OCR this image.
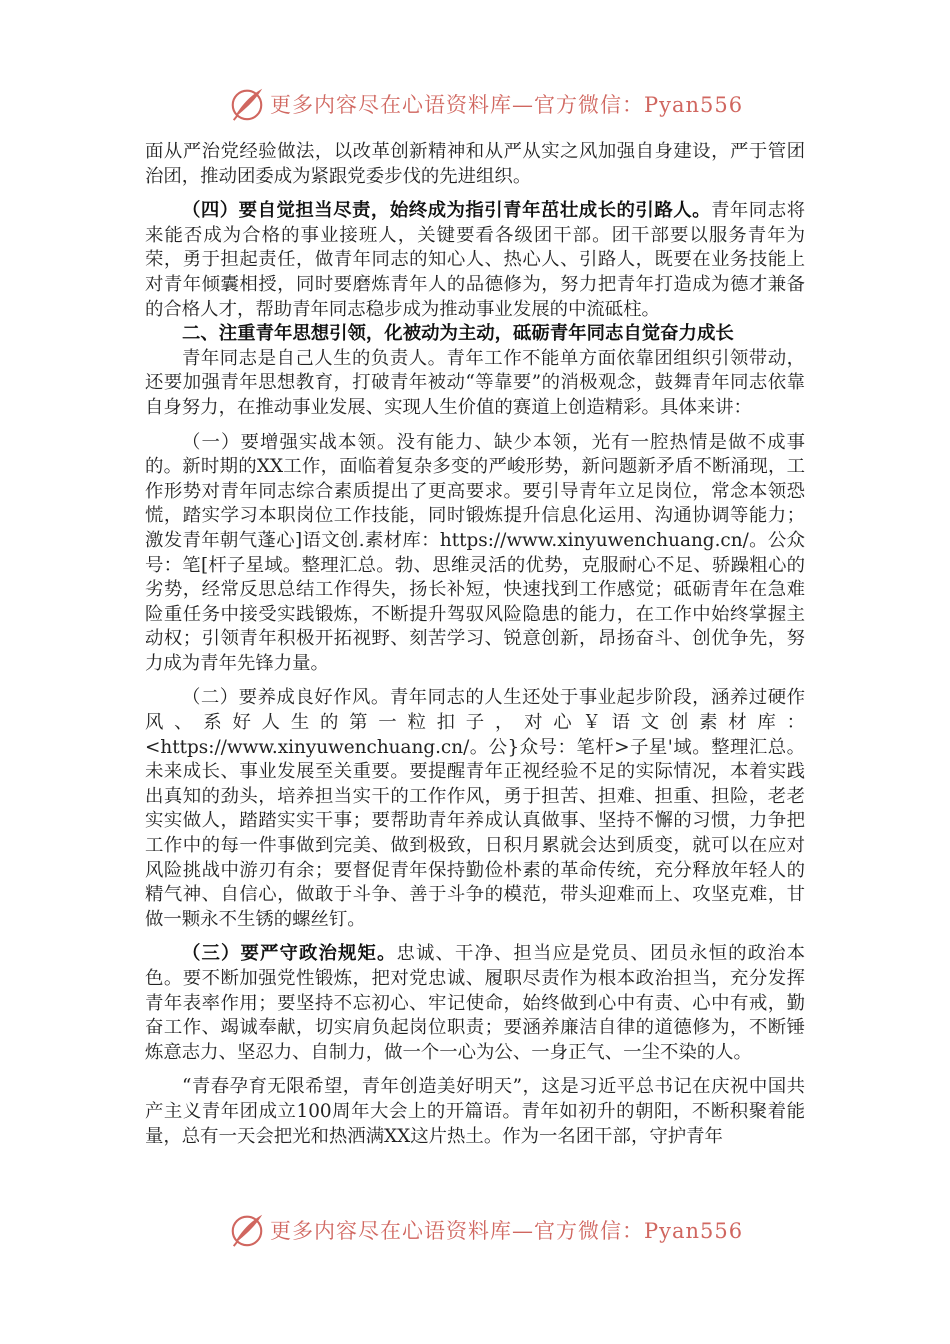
更多内容尽在心语资料库—官方微信：Pyan556

面从严治党经验做法，以改革创新精神和从严从实之风加强自身建设，严于管团治团，推动团委成为紧跟党委步伐的先进组织。

（四）要自觉担当尽责，始终成为指引青年茁壮成长的引路人。青年同志将来能否成为合格的事业接班人，关键要看各级团干部。团干部要以服务青年为荣，勇于担起责任，做青年同志的知心人、热心人、引路人，既要在业务技能上对青年倾囊相授，同时要磨炼青年人的品德修为，努力把青年打造成为德才兼备的合格人才，帮助青年同志稳步成为推动事业发展的中流砥柱。

二、注重青年思想引领，化被动为主动，砥砺青年同志自觉奋力成长

青年同志是自己人生的负责人。青年工作不能单方面依靠团组织引领带动，还要加强青年思想教育，打破青年被动“等靠要”的消极观念，鼓舞青年同志依靠自身努力，在推动事业发展、实现人生价值的赛道上创造精彩。具体来讲：

（一）要增强实战本领。没有能力、缺少本领，光有一腔热情是做不成事的。新时期的XX工作，面临着复杂多变的严峻形势，新问题新矛盾不断涌现，工作形势对青年同志综合素质提出了更高要求。要引导青年立足岗位，常念本领恐慌，踏实学习本职岗位工作技能，同时锻炼提升信息化运用、沟通协调等能力；激发青年朝气蓬心]语文创.素材库：https://www.xinyuwenchuang.cn/。公众号：笔[杆子星域。整理汇总。勃、思维灵活的优势，克服耐心不足、骄躁粗心的劣势，经常反思总结工作得失，扬长补短，快速找到工作感觉；砥砺青年在急难险重任务中接受实践锻炼，不断提升驾驭风险隐患的能力，在工作中始终掌握主动权；引领青年积极开拓视野、刻苦学习、锐意创新，昂扬奋斗、创优争先，努力成为青年先锋力量。

（二）要养成良好作风。青年同志的人生还处于事业起步阶段，涵养过硬作风、系好人生的第一粒扣子，对心￥语文创素材库：<https://www.xinyuwenchuang.cn/。公}众号：笔杆>子星'域。整理汇总。未来成长、事业发展至关重要。要提醒青年正视经验不足的实际情况，本着实践出真知的劲头，培养担当实干的工作作风，勇于担苦、担难、担重、担险，老老实实做人，踏踏实实干事；要帮助青年养成认真做事、坚持不懈的习惯，力争把工作中的每一件事做到完美、做到极致，日积月累就会达到质变，就可以在应对风险挑战中游刃有余；要督促青年保持勤俭朴素的革命传统，充分释放年轻人的精气神、自信心，做敢于斗争、善于斗争的模范，带头迎难而上、攻坚克难，甘做一颗永不生锈的螺丝钉。

（三）要严守政治规矩。忠诚、干净、担当应是党员、团员永恒的政治本色。要不断加强党性锻炼，把对党忠诚、履职尽责作为根本政治担当，充分发挥青年表率作用；要坚持不忘初心、牢记使命，始终做到心中有责、心中有戒，勤奋工作、竭诚奉献，切实肩负起岗位职责；要涵养廉洁自律的道德修为，不断锤炼意志力、坚忍力、自制力，做一个一心为公、一身正气、一尘不染的人。

“青春孕育无限希望，青年创造美好明天”，这是习近平总书记在庆祝中国共产主义青年团成立100周年大会上的开篇语。青年如初升的朝阳，不断积聚着能量，总有一天会把光和热洒满XX这片热土。作为一名团干部，守护青年

更多内容尽在心语资料库—官方微信：Pyan556
